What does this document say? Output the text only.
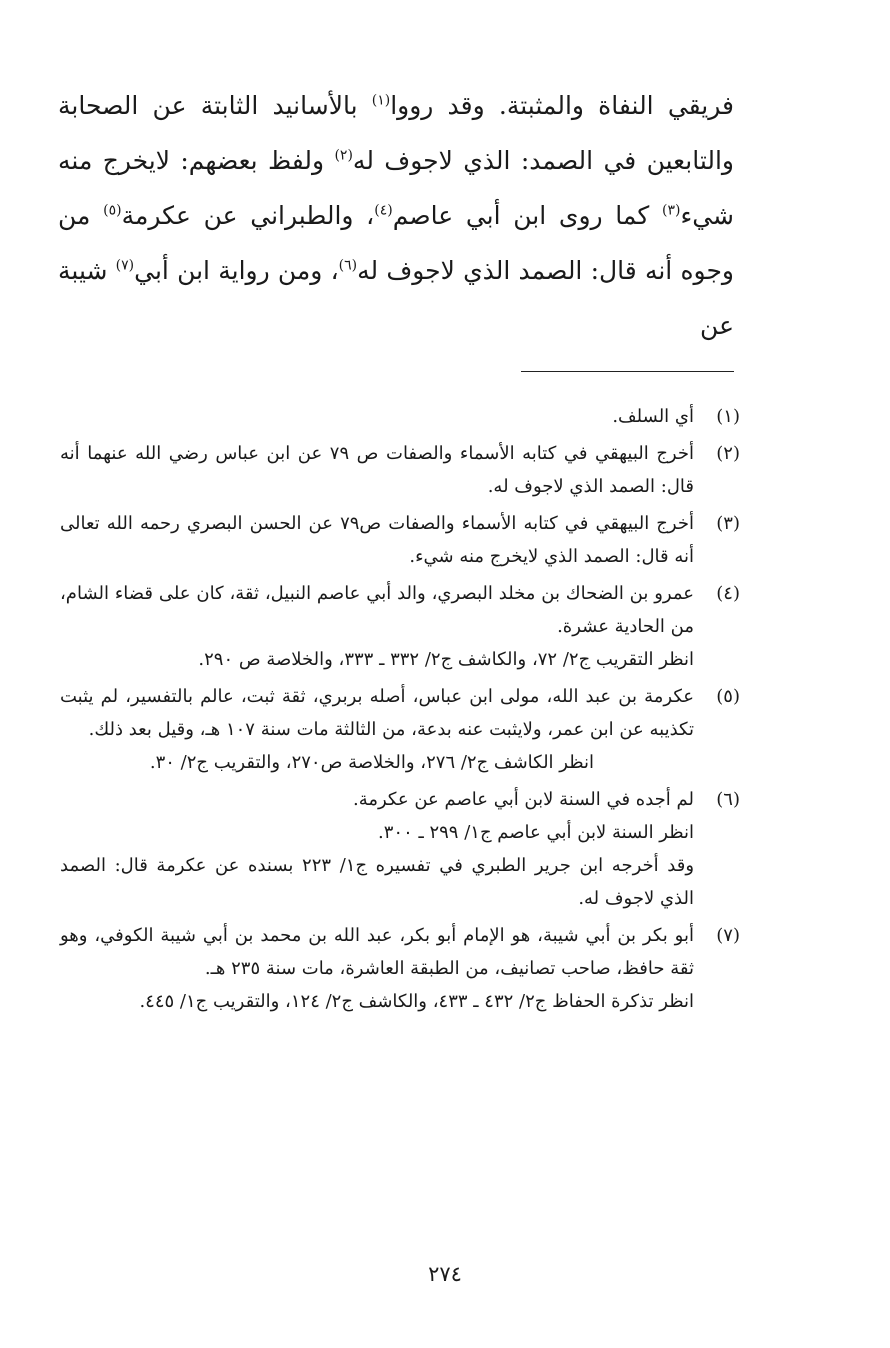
فريقي النفاة والمثبتة. وقد رووا$^{(١)}$ بالأسانيد الثابتة عن الصحابة والتابعين في الصمد: الذي لاجوف له$^{(٢)}$ ولفظ بعضهم: لايخرج منه شيء$^{(٣)}$ كما روى ابن أبي عاصم$^{(٤)}$، والطبراني عن عكرمة$^{(٥)}$ من وجوه أنه قال: الصمد الذي لاجوف له$^{(٦)}$، ومن رواية ابن أبي$^{(٧)}$ شيبة عن

(١)
أي السلف.
(٢)
أخرج البيهقي في كتابه الأسماء والصفات ص ٧٩ عن ابن عباس رضي الله عنهما أنه قال: الصمد الذي لاجوف له.
(٣)
أخرج البيهقي في كتابه الأسماء والصفات ص٧٩ عن الحسن البصري رحمه الله تعالى أنه قال: الصمد الذي لايخرج منه شيء.
(٤)
عمرو بن الضحاك بن مخلد البصري، والد أبي عاصم النبيل، ثقة، كان على قضاء الشام، من الحادية عشرة.
انظر التقريب ج٢/ ٧٢، والكاشف ج٢/ ٣٣٢ ـ ٣٣٣، والخلاصة ص ٢٩٠.
(٥)
عكرمة بن عبد الله، مولى ابن عباس، أصله بربري، ثقة ثبت، عالم بالتفسير، لم يثبت تكذيبه عن ابن عمر، ولايثبت عنه بدعة، من الثالثة مات سنة ١٠٧ هـ، وقيل بعد ذلك.
انظر الكاشف ج٢/ ٢٧٦، والخلاصة ص٢٧٠، والتقريب ج٢/ ٣٠.
(٦)
لم أجده في السنة لابن أبي عاصم عن عكرمة.
انظر السنة لابن أبي عاصم ج١/ ٢٩٩ ـ ٣٠٠.
وقد أخرجه ابن جرير الطبري في تفسيره ج١/ ٢٢٣ بسنده عن عكرمة قال: الصمد الذي لاجوف له.
(٧)
أبو بكر بن أبي شيبة، هو الإمام أبو بكر، عبد الله بن محمد بن أبي شيبة الكوفي، وهو ثقة حافظ، صاحب تصانيف، من الطبقة العاشرة، مات سنة ٢٣٥ هـ.
انظر تذكرة الحفاظ ج٢/ ٤٣٢ ـ ٤٣٣، والكاشف ج٢/ ١٢٤، والتقريب ج١/ ٤٤٥.
٢٧٤
